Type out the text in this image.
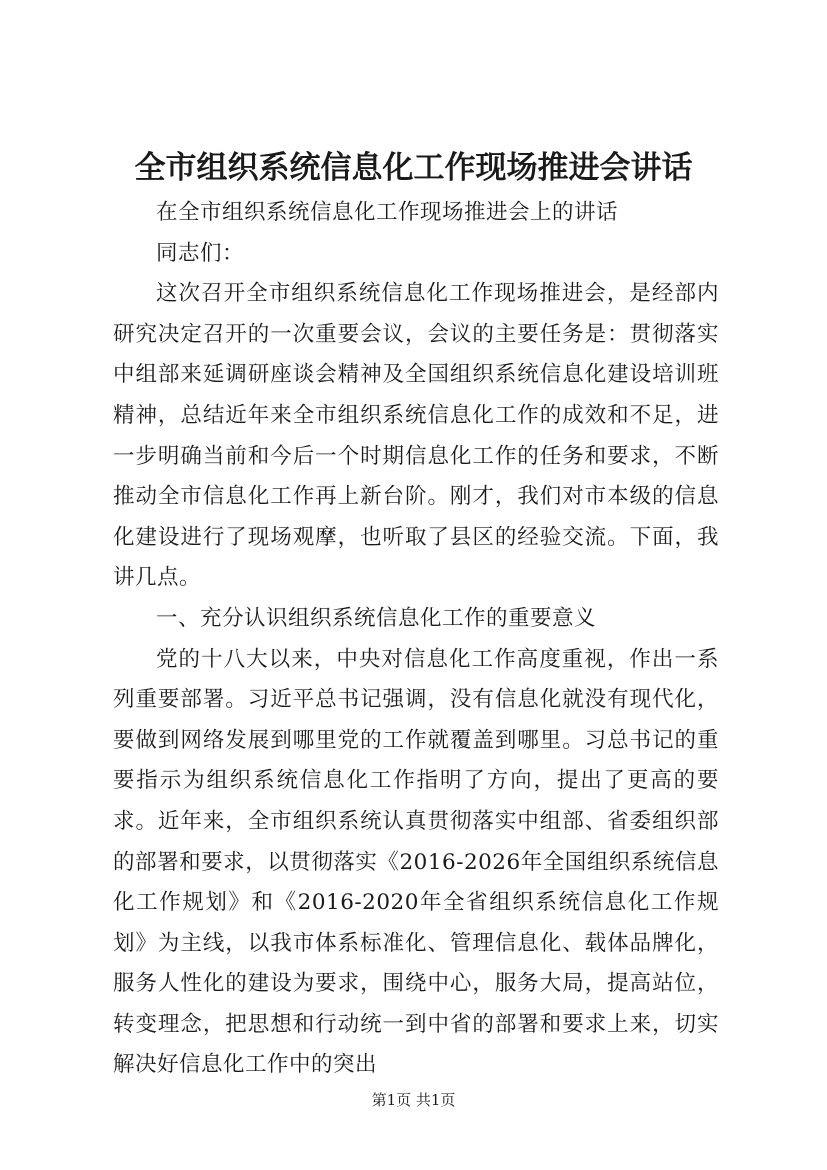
全市组织系统信息化工作现场推进会讲话

在全市组织系统信息化工作现场推进会上的讲话

同志们：

这次召开全市组织系统信息化工作现场推进会，是经部内研究决定召开的一次重要会议，会议的主要任务是：贯彻落实中组部来延调研座谈会精神及全国组织系统信息化建设培训班精神，总结近年来全市组织系统信息化工作的成效和不足，进一步明确当前和今后一个时期信息化工作的任务和要求，不断推动全市信息化工作再上新台阶。刚才，我们对市本级的信息化建设进行了现场观摩，也听取了县区的经验交流。下面，我讲几点。

一、充分认识组织系统信息化工作的重要意义

党的十八大以来，中央对信息化工作高度重视，作出一系列重要部署。习近平总书记强调，没有信息化就没有现代化，要做到网络发展到哪里党的工作就覆盖到哪里。习总书记的重要指示为组织系统信息化工作指明了方向，提出了更高的要求。近年来，全市组织系统认真贯彻落实中组部、省委组织部的部署和要求，以贯彻落实《2016-2026年全国组织系统信息化工作规划》和《2016-2020年全省组织系统信息化工作规划》为主线，以我市体系标准化、管理信息化、载体品牌化，服务人性化的建设为要求，围绕中心，服务大局，提高站位，转变理念，把思想和行动统一到中省的部署和要求上来，切实解决好信息化工作中的突出

第1页 共1页
